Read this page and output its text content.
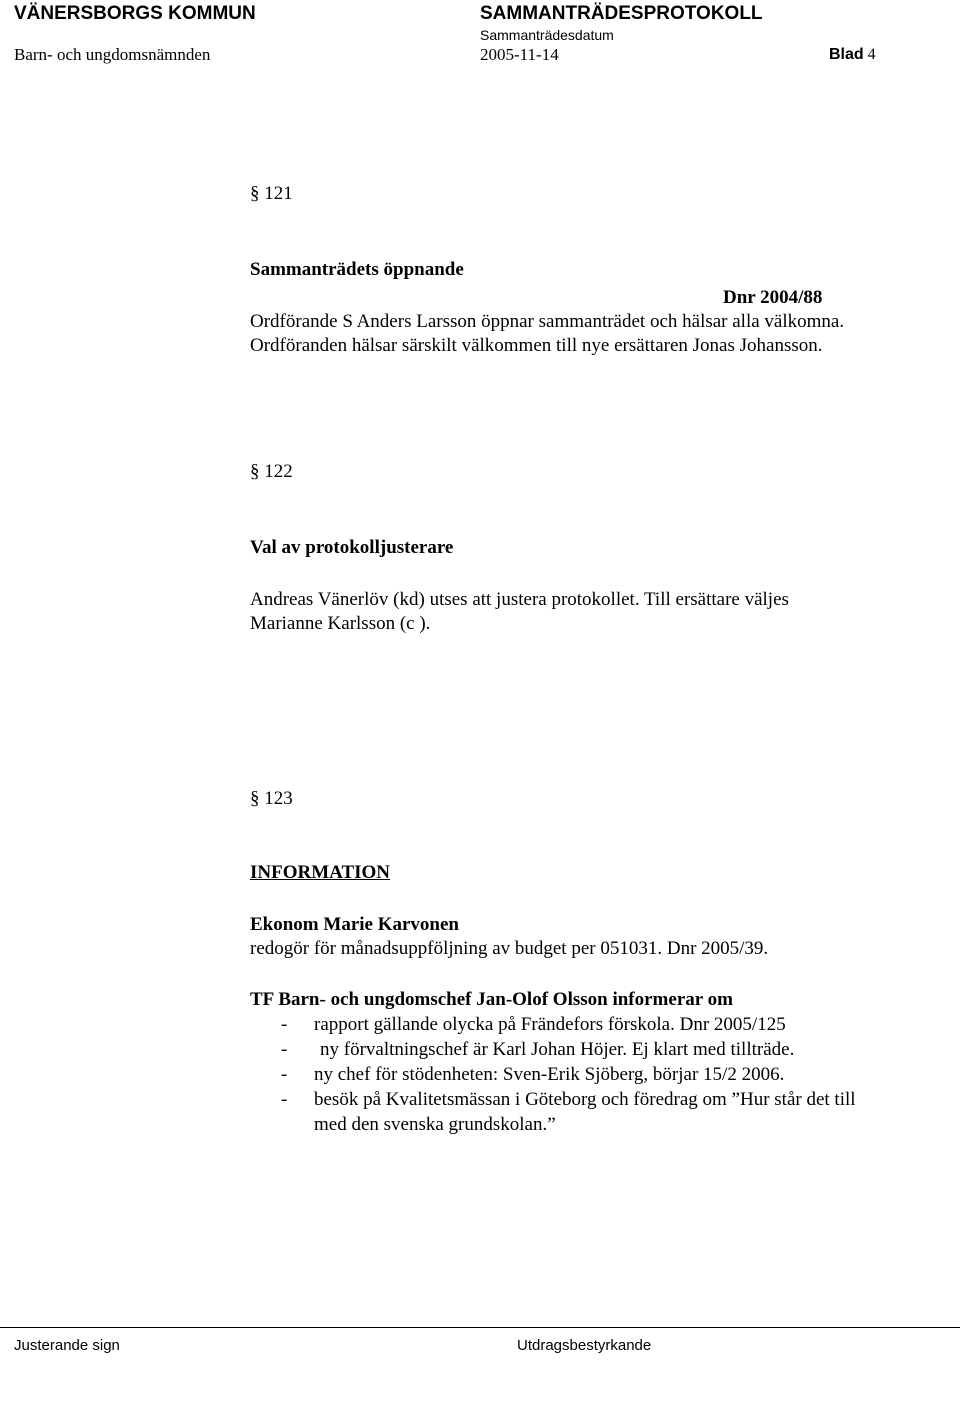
VÄNERSBORGS KOMMUN	SAMMANTRÄDESPROTOKOLL
Sammanträdesdatum
Barn- och ungdomsnämnden	2005-11-14	Blad 4
§ 121
Sammanträdets öppnande
Dnr 2004/88
Ordförande S Anders Larsson öppnar sammanträdet och hälsar alla välkomna.
Ordföranden hälsar särskilt välkommen till nye ersättaren Jonas Johansson.
§ 122
Val av protokolljusterare
Andreas Vänerlöv (kd) utses att justera protokollet. Till ersättare väljes
Marianne Karlsson (c ).
§ 123
INFORMATION
Ekonom Marie Karvonen
redogör för månadsuppföljning av budget per 051031. Dnr 2005/39.
TF Barn- och ungdomschef Jan-Olof Olsson informerar om
- rapport gällande olycka på Frändefors förskola. Dnr 2005/125
- ny förvaltningschef är Karl Johan Höjer. Ej klart med tillträde.
- ny chef för stödenheten: Sven-Erik Sjöberg, börjar 15/2 2006.
- besök på Kvalitetsmässan i Göteborg och föredrag om ”Hur står det till
med den svenska grundskolan.”
Justerande sign	Utdragsbestyrkande
